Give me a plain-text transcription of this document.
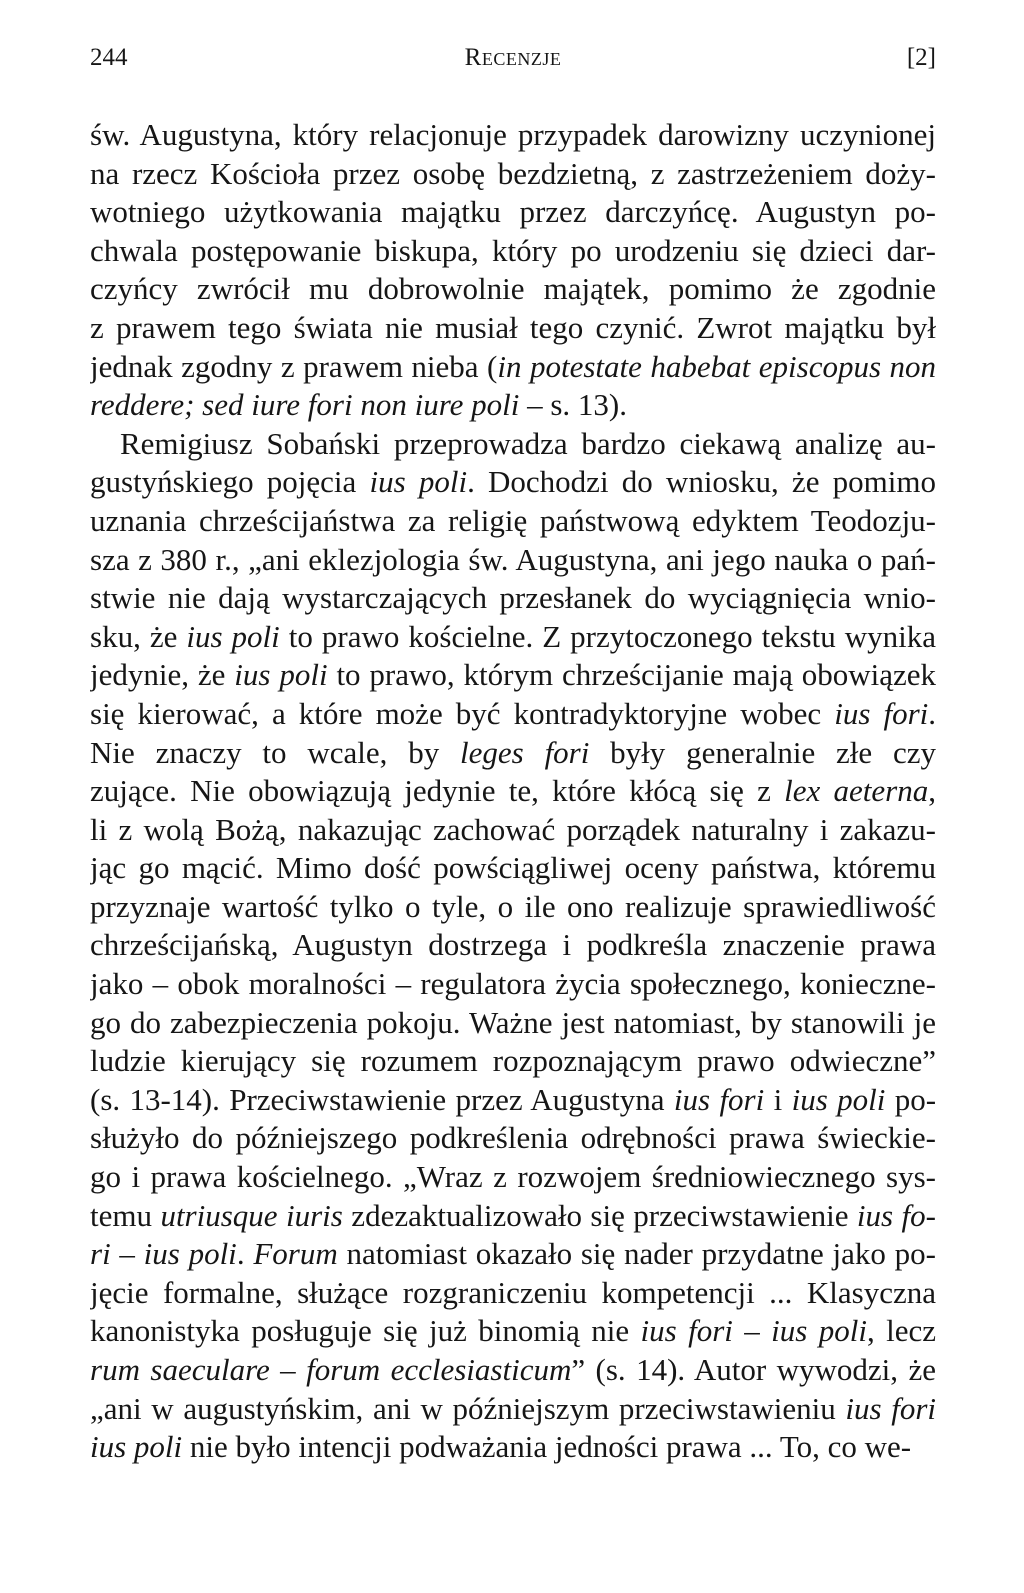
244	Recenzje	[2]
św. Augustyna, który relacjonuje przypadek darowizny uczynionej
na rzecz Kościoła przez osobę bezdzietną, z zastrzeżeniem doży-
wotniego użytkowania majątku przez darczyńcę. Augustyn po-
chwala postępowanie biskupa, który po urodzeniu się dzieci dar-
czyńcy zwrócił mu dobrowolnie majątek, pomimo że zgodnie
z prawem tego świata nie musiał tego czynić. Zwrot majątku był
jednak zgodny z prawem nieba (in potestate habebat episcopus non
reddere; sed iure fori non iure poli – s. 13).
Remigiusz Sobański przeprowadza bardzo ciekawą analizę au-
gustyńskiego pojęcia ius poli. Dochodzi do wniosku, że pomimo
uznania chrześcijaństwa za religię państwową edyktem Teodozju-
sza z 380 r., „ani eklezjologia św. Augustyna, ani jego nauka o pań-
stwie nie dają wystarczających przesłanek do wyciągnięcia wnio-
sku, że ius poli to prawo kościelne. Z przytoczonego tekstu wynika
jedynie, że ius poli to prawo, którym chrześcijanie mają obowiązek
się kierować, a które może być kontradyktoryjne wobec ius fori.
Nie znaczy to wcale, by leges fori były generalnie złe czy
zujące. Nie obowiązują jedynie te, które kłócą się z lex aeterna,
li z wolą Bożą, nakazując zachować porządek naturalny i zakazu-
jąc go mącić. Mimo dość powściągliwej oceny państwa, któremu
przyznaje wartość tylko o tyle, o ile ono realizuje sprawiedliwość
chrześcijańską, Augustyn dostrzega i podkreśla znaczenie prawa
jako – obok moralności – regulatora życia społecznego, konieczne-
go do zabezpieczenia pokoju. Ważne jest natomiast, by stanowili je
ludzie kierujący się rozumem rozpoznającym prawo odwieczne”
(s. 13-14). Przeciwstawienie przez Augustyna ius fori i ius poli po-
służyło do późniejszego podkreślenia odrębności prawa świeckie-
go i prawa kościelnego. „Wraz z rozwojem średniowiecznego sys-
temu utriusque iuris zdezaktualizowało się przeciwstawienie ius fo-
ri – ius poli. Forum natomiast okazało się nader przydatne jako po-
jęcie formalne, służące rozgraniczeniu kompetencji ... Klasyczna
kanonistyka posługuje się już binomią nie ius fori – ius poli, lecz
rum saeculare – forum ecclesiasticum” (s. 14). Autor wywodzi, że
„ani w augustyńskim, ani w późniejszym przeciwstawieniu ius fori
ius poli nie było intencji podważania jedności prawa ... To, co we-
